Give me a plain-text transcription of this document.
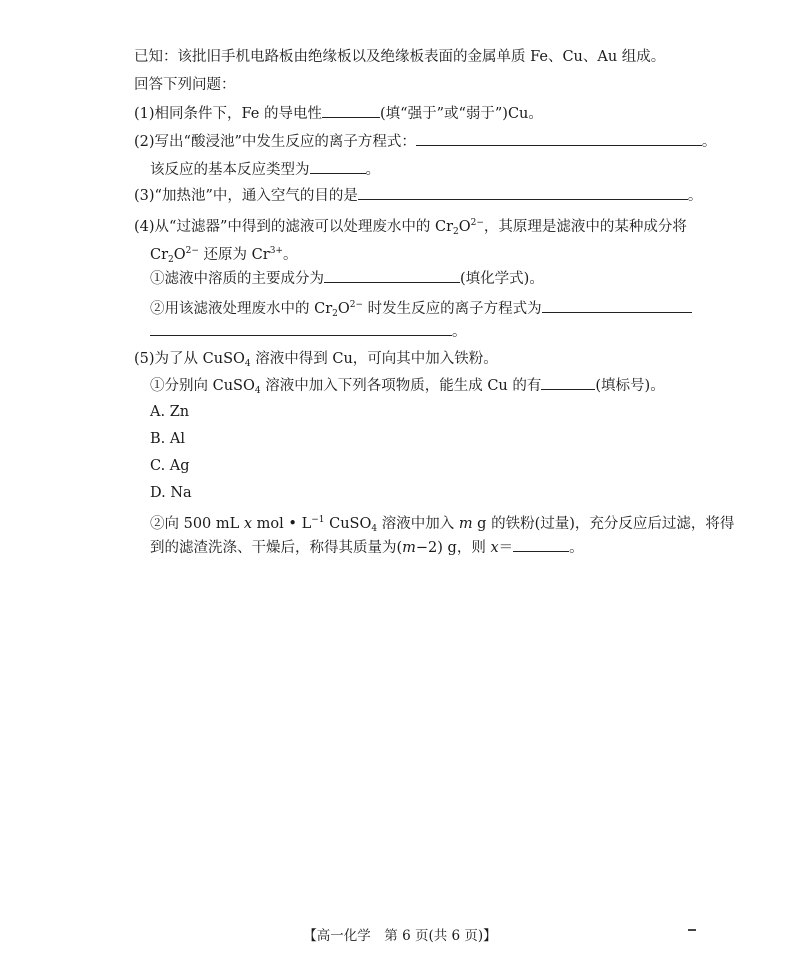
已知：该批旧手机电路板由绝缘板以及绝缘板表面的金属单质 Fe、Cu、Au 组成。
回答下列问题：
(1)相同条件下，Fe 的导电性	(填“强于”或“弱于”)Cu。
(2)写出“酸浸池”中发生反应的离子方程式：	。
该反应的基本反应类型为	。
(3)“加热池”中，通入空气的目的是	。
(4)从“过滤器”中得到的滤液可以处理废水中的 $Cr_2O^{2-}$，其原理是滤液中的某种成分将
$Cr_2O^{2-}$ 还原为 $Cr^{3+}$。
①滤液中溶质的主要成分为	(填化学式)。
②用该滤液处理废水中的 $Cr_2O^{2-}$ 时发生反应的离子方程式为
。
(5)为了从 CuSO$_4$ 溶液中得到 Cu，可向其中加入铁粉。
①分别向 CuSO$_4$ 溶液中加入下列各项物质，能生成 Cu 的有	(填标号)。
A. Zn
B. Al
C. Ag
D. Na
②向 500 mL x mol • $L^{-1}$ CuSO$_4$ 溶液中加入 m g 的铁粉(过量)，充分反应后过滤，将得
到的滤渣洗涤、干燥后，称得其质量为(m−2) g，则 x＝	。
【高一化学　第 6 页(共 6 页)】
